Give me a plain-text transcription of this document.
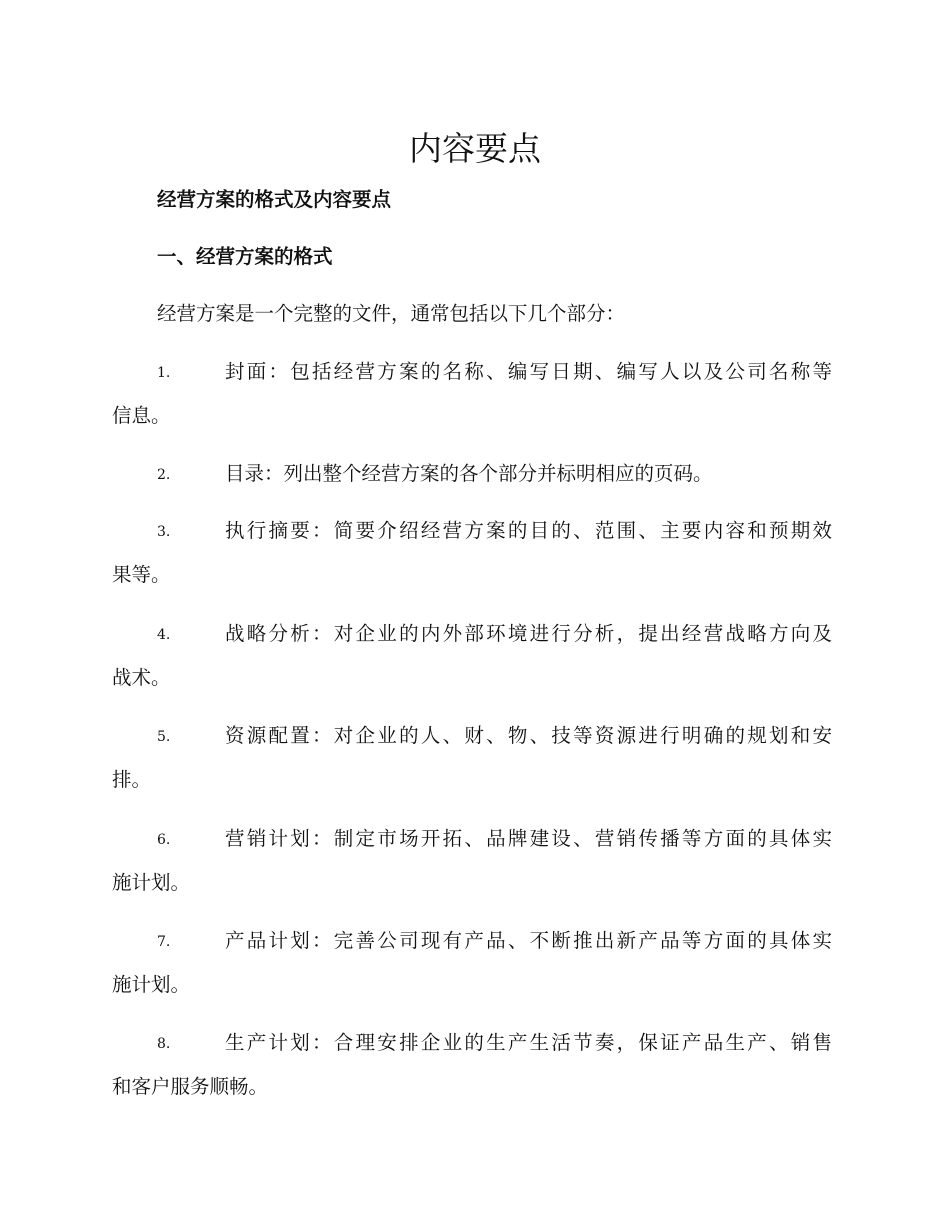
内容要点
经营方案的格式及内容要点
一、经营方案的格式
经营方案是一个完整的文件，通常包括以下几个部分：
1.	封面：包括经营方案的名称、编写日期、编写人以及公司名称等
信息。
2.	目录：列出整个经营方案的各个部分并标明相应的页码。
3.	执行摘要：简要介绍经营方案的目的、范围、主要内容和预期效
果等。
4.	战略分析：对企业的内外部环境进行分析，提出经营战略方向及
战术。
5.	资源配置：对企业的人、财、物、技等资源进行明确的规划和安
排。
6.	营销计划：制定市场开拓、品牌建设、营销传播等方面的具体实
施计划。
7.	产品计划：完善公司现有产品、不断推出新产品等方面的具体实
施计划。
8.	生产计划：合理安排企业的生产生活节奏，保证产品生产、销售
和客户服务顺畅。
